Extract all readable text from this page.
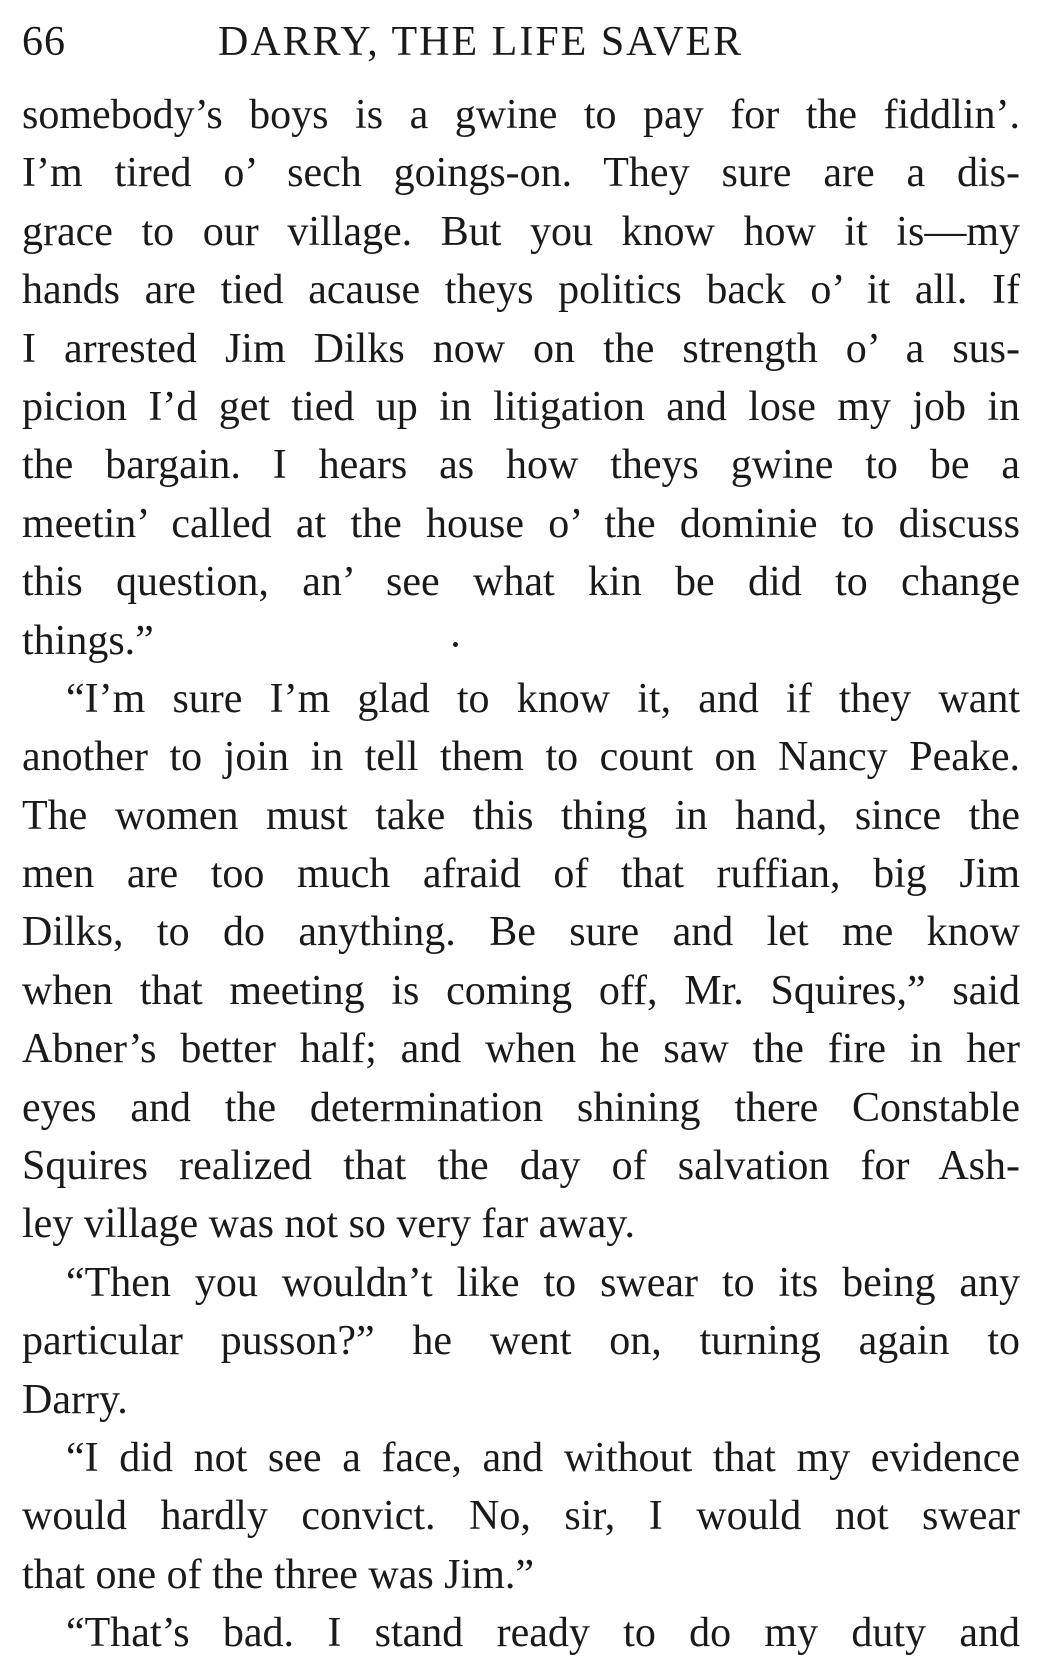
66	DARRY, THE LIFE SAVER
somebody’s boys is a gwine to pay for the fiddlin’.
I’m tired o’ sech goings-on. They sure are a dis-
grace to our village. But you know how it is—my
hands are tied acause theys politics back o’ it all. If
I arrested Jim Dilks now on the strength o’ a sus-
picion I’d get tied up in litigation and lose my job in
the bargain. I hears as how theys gwine to be a
meetin’ called at the house o’ the dominie to discuss
this question, an’ see what kin be did to change
things.”
“I’m sure I’m glad to know it, and if they want
another to join in tell them to count on Nancy Peake.
The women must take this thing in hand, since the
men are too much afraid of that ruffian, big Jim
Dilks, to do anything. Be sure and let me know
when that meeting is coming off, Mr. Squires,” said
Abner’s better half; and when he saw the fire in her
eyes and the determination shining there Constable
Squires realized that the day of salvation for Ash-
ley village was not so very far away.
“Then you wouldn’t like to swear to its being any
particular pusson?” he went on, turning again to
Darry.
“I did not see a face, and without that my evidence
would hardly convict. No, sir, I would not swear
that one of the three was Jim.”
“That’s bad. I stand ready to do my duty and
